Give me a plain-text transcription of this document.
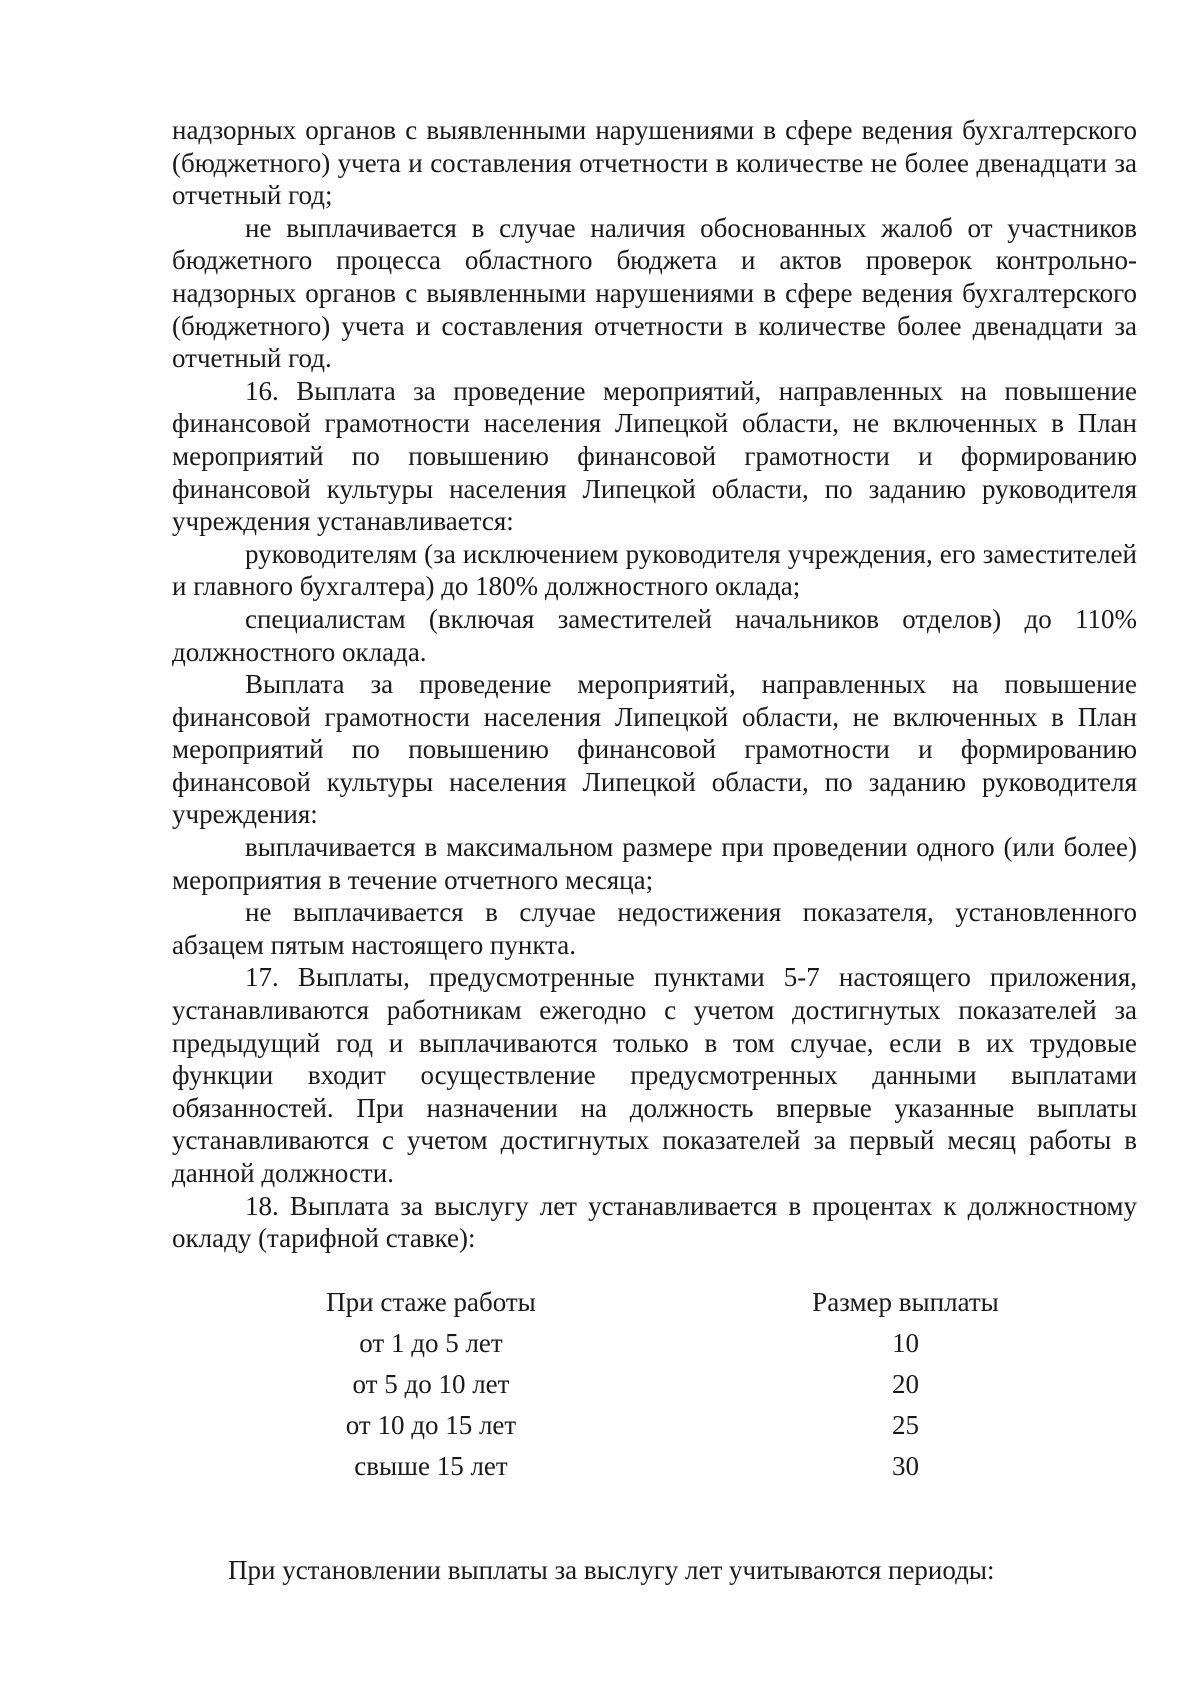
надзорных органов с выявленными нарушениями в сфере ведения бухгалтерского (бюджетного) учета и составления отчетности в количестве не более двенадцати за отчетный год;

не выплачивается в случае наличия обоснованных жалоб от участников бюджетного процесса областного бюджета и актов проверок контрольно-надзорных органов с выявленными нарушениями в сфере ведения бухгалтерского (бюджетного) учета и составления отчетности в количестве более двенадцати за отчетный год.

16. Выплата за проведение мероприятий, направленных на повышение финансовой грамотности населения Липецкой области, не включенных в План мероприятий по повышению финансовой грамотности и формированию финансовой культуры населения Липецкой области, по заданию руководителя учреждения устанавливается:

руководителям (за исключением руководителя учреждения, его заместителей и главного бухгалтера) до 180% должностного оклада;

специалистам (включая заместителей начальников отделов) до 110% должностного оклада.

Выплата за проведение мероприятий, направленных на повышение финансовой грамотности населения Липецкой области, не включенных в План мероприятий по повышению финансовой грамотности и формированию финансовой культуры населения Липецкой области, по заданию руководителя учреждения:

выплачивается в максимальном размере при проведении одного (или более) мероприятия в течение отчетного месяца;

не выплачивается в случае недостижения показателя, установленного абзацем пятым настоящего пункта.

17. Выплаты, предусмотренные пунктами 5-7 настоящего приложения, устанавливаются работникам ежегодно с учетом достигнутых показателей за предыдущий год и выплачиваются только в том случае, если в их трудовые функции входит осуществление предусмотренных данными выплатами обязанностей. При назначении на должность впервые указанные выплаты устанавливаются с учетом достигнутых показателей за первый месяц работы в данной должности.

18. Выплата за выслугу лет устанавливается в процентах к должностному окладу (тарифной ставке):

При стаже работы	Размер выплаты
от 1 до 5 лет	10
от 5 до 10 лет	20
от 10 до 15 лет	25
свыше 15 лет	30
При установлении выплаты за выслугу лет учитываются периоды:
